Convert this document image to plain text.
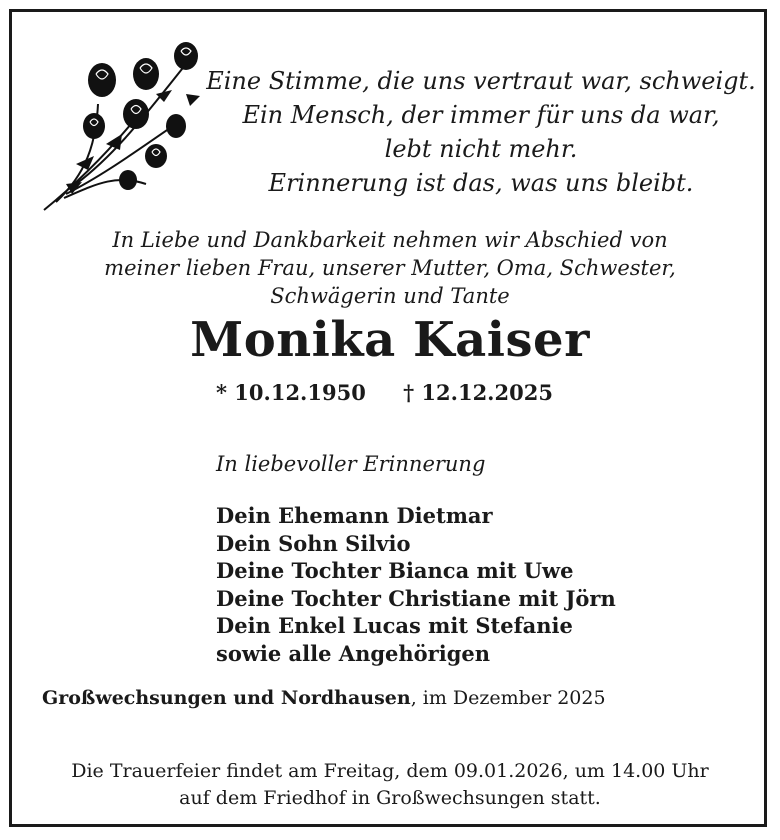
Eine Stimme, die uns vertraut war, schweigt.
Ein Mensch, der immer für uns da war,
lebt nicht mehr.
Erinnerung ist das, was uns bleibt.
In Liebe und Dankbarkeit nehmen wir Abschied von
meiner lieben Frau, unserer Mutter, Oma, Schwester,
Schwägerin und Tante
Monika Kaiser
* 10.12.1950 † 12.12.2025
In liebevoller Erinnerung
Dein Ehemann Dietmar
Dein Sohn Silvio
Deine Tochter Bianca mit Uwe
Deine Tochter Christiane mit Jörn
Dein Enkel Lucas mit Stefanie
sowie alle Angehörigen
Großwechsungen und Nordhausen, im Dezember 2025
Die Trauerfeier findet am Freitag, dem 09.01.2026, um 14.00 Uhr
auf dem Friedhof in Großwechsungen statt.
